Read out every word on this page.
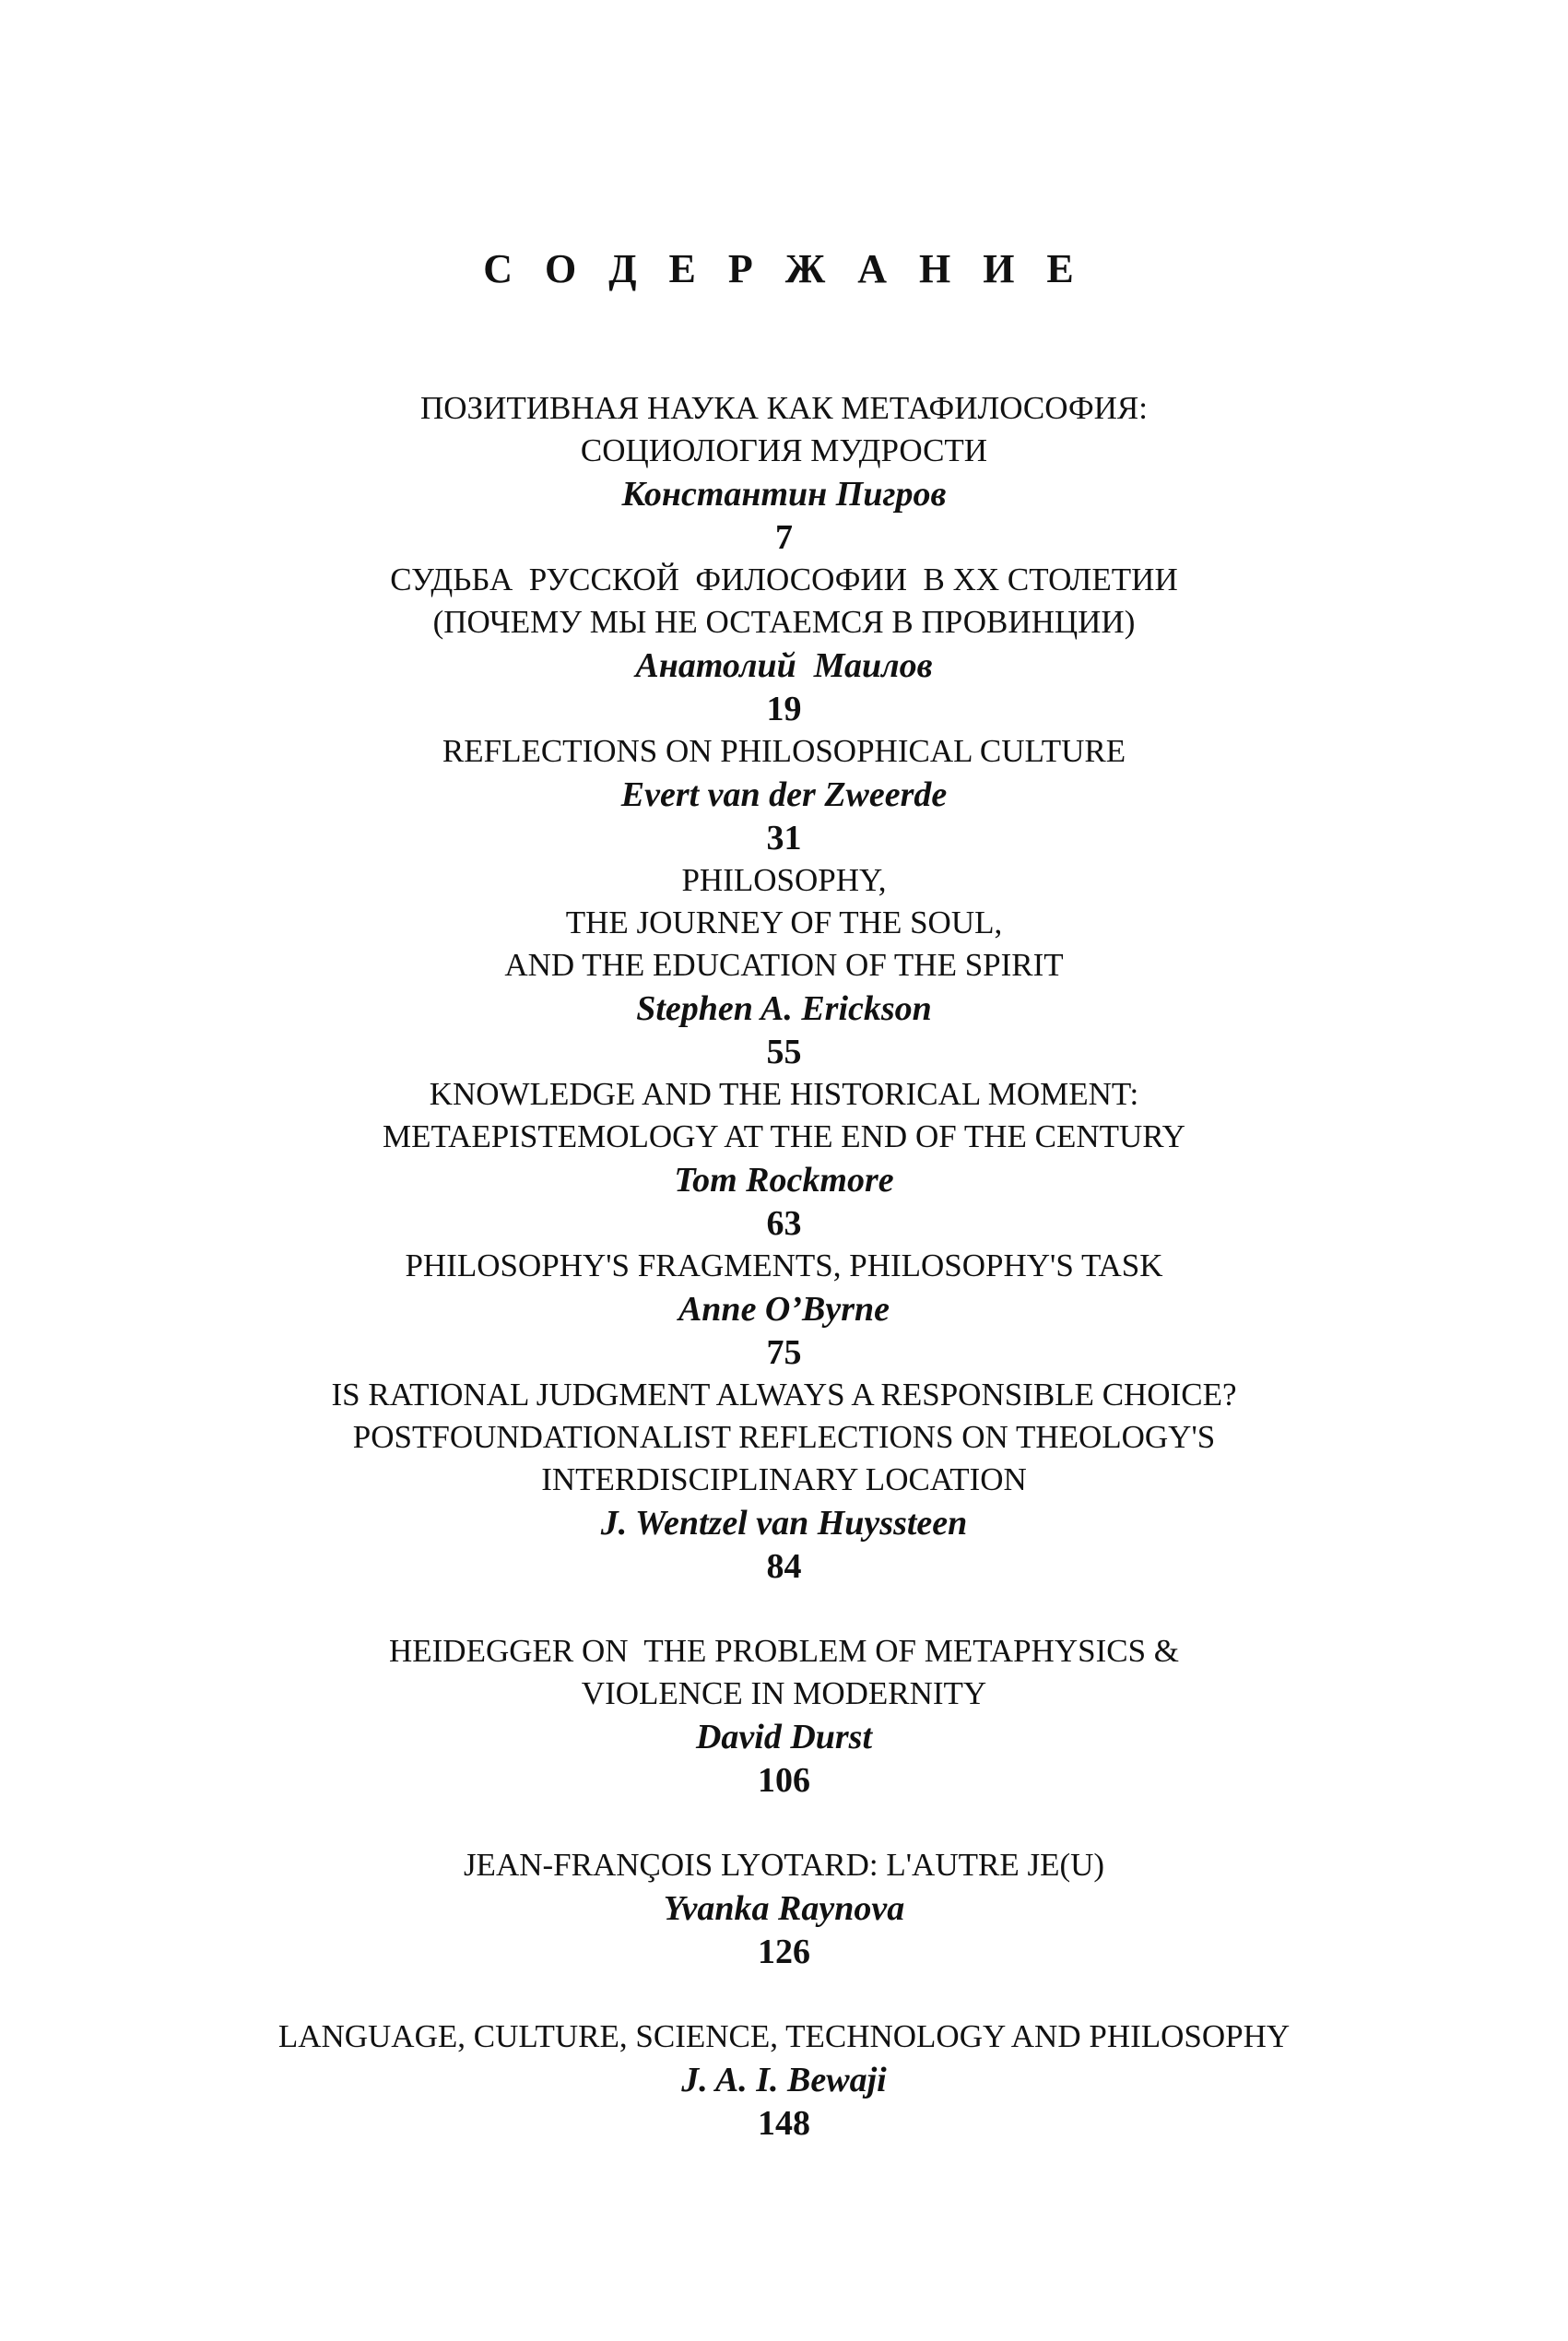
С О Д Е Р Ж А Н И Е
ПОЗИТИВНАЯ НАУКА КАК МЕТАФИЛОСОФИЯ:
СОЦИОЛОГИЯ МУДРОСТИ
Константин Пигров
7
СУДЬБА  РУССКОЙ  ФИЛОСОФИИ  В ХХ СТОЛЕТИИ
(ПОЧЕМУ МЫ НЕ ОСТАЕМСЯ В ПРОВИНЦИИ)
Анатолий  Маилов
19
REFLECTIONS ON PHILOSOPHICAL CULTURE
Evert van der Zweerde
31
PHILOSOPHY,
THE JOURNEY OF THE SOUL,
AND THE EDUCATION OF THE SPIRIT
Stephen A. Erickson
55
KNOWLEDGE AND THE HISTORICAL MOMENT:
METAEPISTEMOLOGY AT THE END OF THE CENTURY
Tom Rockmore
63
PHILOSOPHY'S FRAGMENTS, PHILOSOPHY'S TASK
Anne O’Byrne
75
IS RATIONAL JUDGMENT ALWAYS A RESPONSIBLE CHOICE?
POSTFOUNDATIONALIST REFLECTIONS ON THEOLOGY'S
INTERDISCIPLINARY LOCATION
J. Wentzel van Huyssteen
84
HEIDEGGER ON  THE PROBLEM OF METAPHYSICS &
VIOLENCE IN MODERNITY
David Durst
106
JEAN-FRANÇOIS LYOTARD: L'AUTRE JE(U)
Yvanka Raynova
126
LANGUAGE, CULTURE, SCIENCE, TECHNOLOGY AND PHILOSOPHY
J. A. I. Bewaji
148
